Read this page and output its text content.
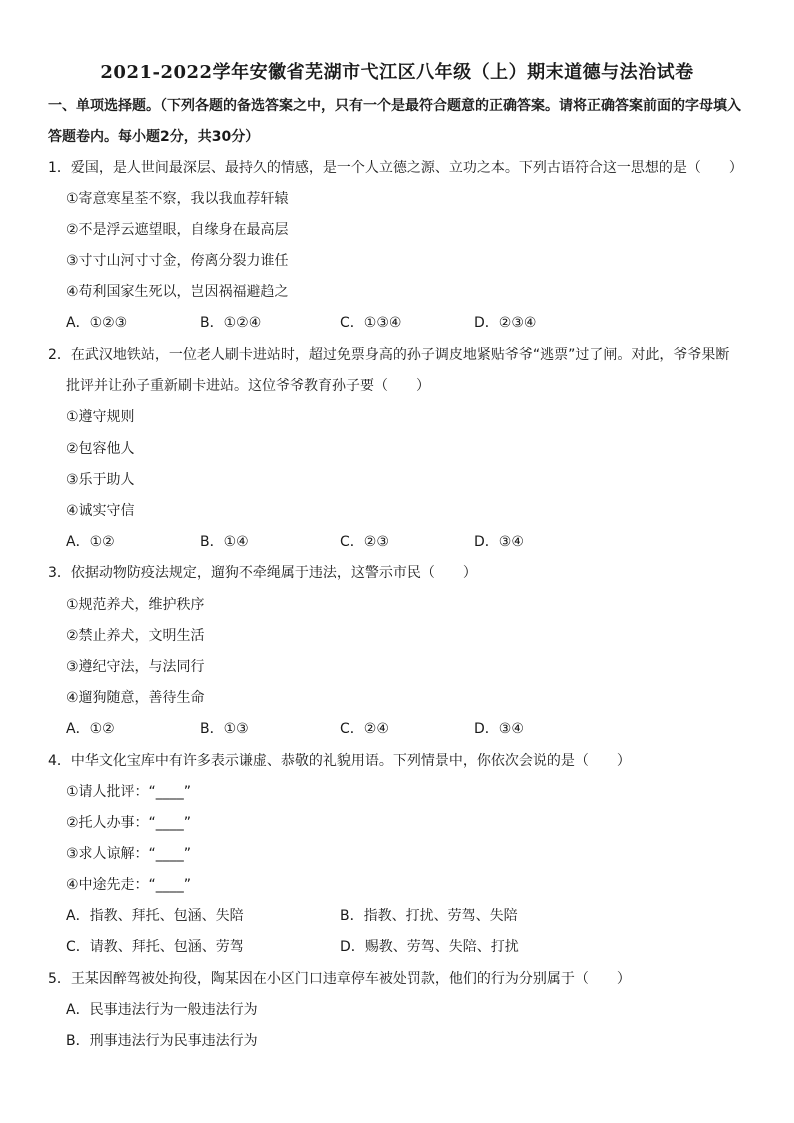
2021-2022学年安徽省芜湖市弋江区八年级（上）期末道德与法治试卷
一、单项选择题。（下列各题的备选答案之中，只有一个是最符合题意的正确答案。请将正确答案前面的字母填入
答题卷内。每小题2分，共30分）
1．爱国，是人世间最深层、最持久的情感，是一个人立德之源、立功之本。下列古语符合这一思想的是（　　）
①寄意寒星荃不察，我以我血荐轩辕
②不是浮云遮望眼，自缘身在最高层
③寸寸山河寸寸金，侉离分裂力谁任
④苟利国家生死以，岂因祸福避趋之
A．①②③	B．①②④	C．①③④	D．②③④
2．在武汉地铁站，一位老人刷卡进站时，超过免票身高的孙子调皮地紧贴爷爷“逃票”过了闸。对此，爷爷果断
批评并让孙子重新刷卡进站。这位爷爷教育孙子要（　　）
①遵守规则
②包容他人
③乐于助人
④诚实守信
A．①②	B．①④	C．②③	D．③④
3．依据动物防疫法规定，遛狗不牵绳属于违法，这警示市民（　　）
①规范养犬，维护秩序
②禁止养犬，文明生活
③遵纪守法，与法同行
④遛狗随意，善待生命
A．①②	B．①③	C．②④	D．③④
4．中华文化宝库中有许多表示谦虚、恭敬的礼貌用语。下列情景中，你依次会说的是（　　）
①请人批评：“____”
②托人办事：“____”
③求人谅解：“____”
④中途先走：“____”
A．指教、拜托、包涵、失陪	B．指教、打扰、劳驾、失陪
C．请教、拜托、包涵、劳驾	D．赐教、劳驾、失陪、打扰
5．王某因醉驾被处拘役，陶某因在小区门口违章停车被处罚款，他们的行为分别属于（　　）
A．民事违法行为一般违法行为
B．刑事违法行为民事违法行为
